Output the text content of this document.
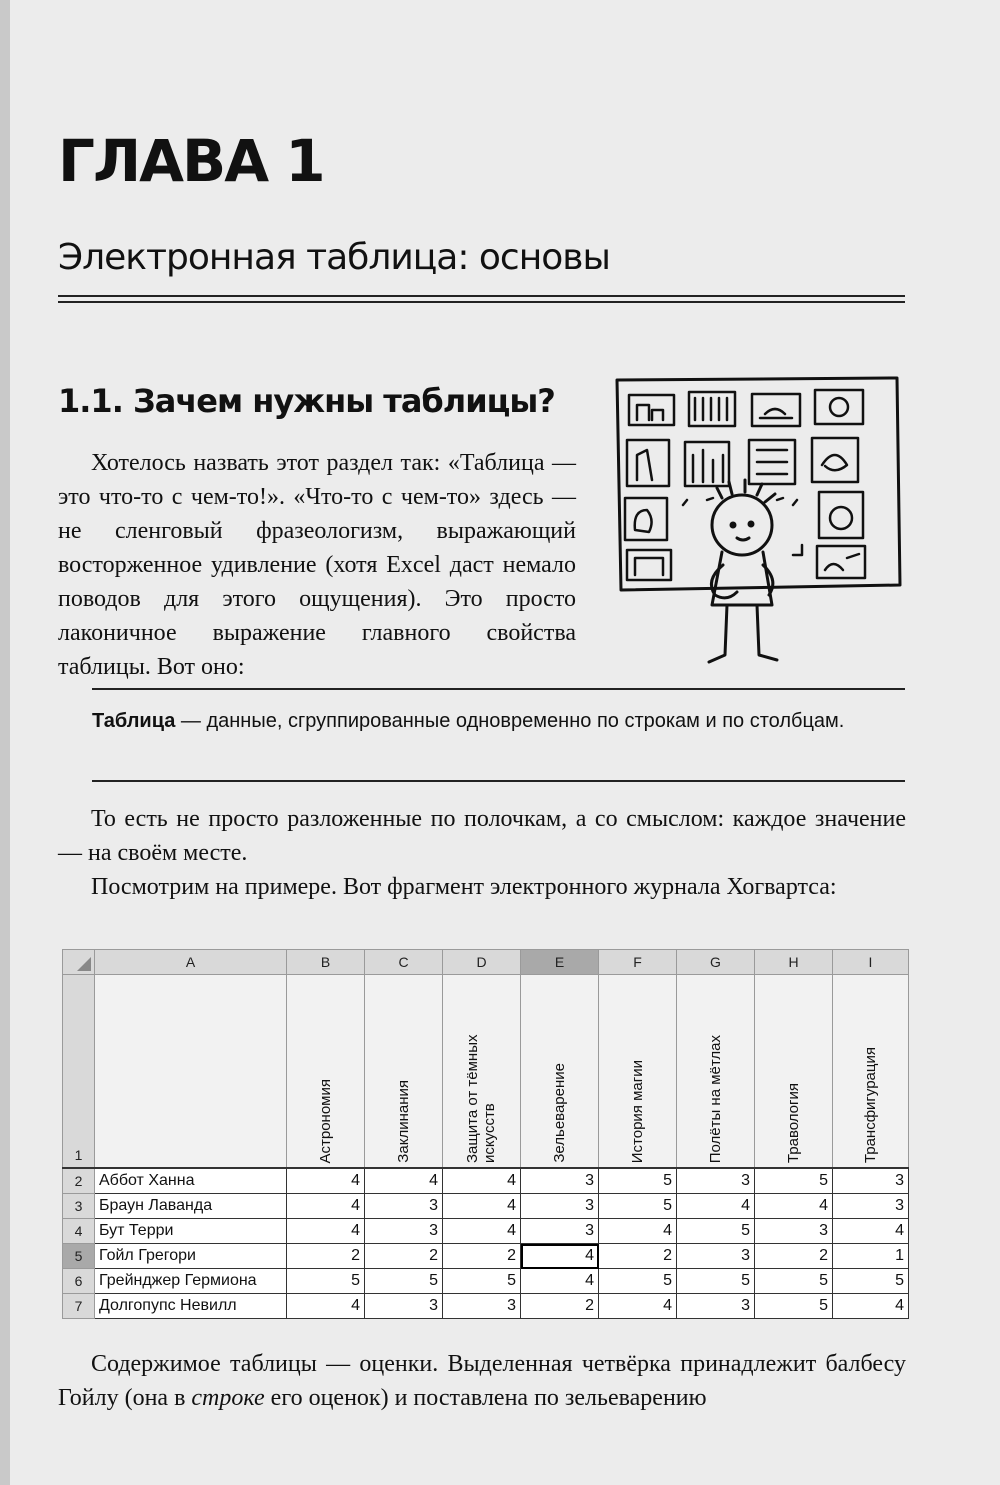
ГЛАВА 1
Электронная таблица: основы
1.1. Зачем нужны таблицы?

Хотелось назвать этот раздел так: «Таблица — это что-то с чем-то!». «Что-то с чем-то» здесь — не сленговый фразеологизм, выражающий восторженное удивление (хотя Excel даст немало поводов для этого ощущения). Это просто лаконичное выражение главного свойства таблицы. Вот оно:

Таблица — данные, сгруппированные одновременно по строкам и по столбцам.

То есть не просто разложенные по полочкам, а со смыслом: каждое значение — на своём месте.

Посмотрим на примере. Вот фрагмент электронного журнала Хогвартса:

	A	B	C	D	E	F	G	H	I
1		Астрономия	Заклинания	Защита от тёмных искусств	Зельеварение	История магии	Полёты на мётлах	Травология	Трансфигурация

2	Аббот Ханна	4	4	4	3	5	3	5	3
3	Браун Лаванда	4	3	4	3	5	4	4	3
4	Бут Терри	4	3	4	3	4	5	3	4
5	Гойл Грегори	2	2	2	4	2	3	2	1
6	Грейнджер Гермиона	5	5	5	4	5	5	5	5
7	Долгопупс Невилл	4	3	3	2	4	3	5	4

Содержимое таблицы — оценки. Выделенная четвёрка принадлежит балбесу Гойлу (она в строке его оценок) и поставлена по зельеварению
